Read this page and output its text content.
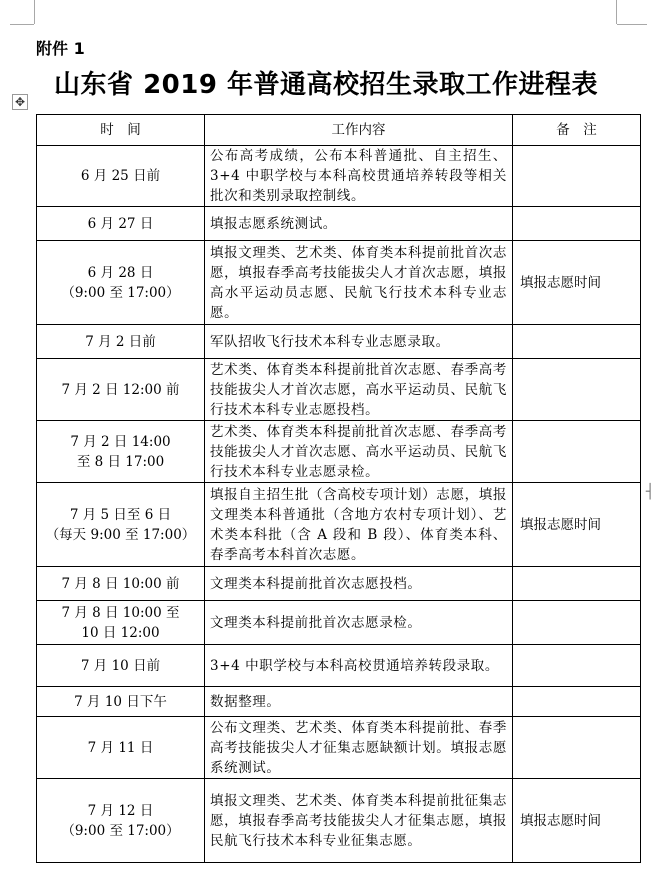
附件 1
山东省 2019 年普通高校招生录取工作进程表
✥
时　间	工作内容	备　注
6 月 25 日前	公布高考成绩，公布本科普通批、自主招生、3+4 中职学校与本科高校贯通培养转段等相关批次和类别录取控制线。	
6 月 27 日	填报志愿系统测试。	
6 月 28 日
（9:00 至 17:00）	填报文理类、艺术类、体育类本科提前批首次志愿，填报春季高考技能拔尖人才首次志愿，填报高水平运动员志愿、民航飞行技术本科专业志愿。	填报志愿时间
7 月 2 日前	军队招收飞行技术本科专业志愿录取。	
7 月 2 日 12:00 前	艺术类、体育类本科提前批首次志愿、春季高考技能拔尖人才首次志愿，高水平运动员、民航飞行技术本科专业志愿投档。	
7 月 2 日 14:00
至 8 日 17:00	艺术类、体育类本科提前批首次志愿、春季高考技能拔尖人才首次志愿、高水平运动员、民航飞行技术本科专业志愿录检。	
7 月 5 日至 6 日
（每天 9:00 至 17:00）	填报自主招生批（含高校专项计划）志愿，填报文理类本科普通批（含地方农村专项计划）、艺术类本科批（含 A 段和 B 段）、体育类本科、春季高考本科首次志愿。	填报志愿时间
7 月 8 日 10:00 前	文理类本科提前批首次志愿投档。	
7 月 8 日 10:00 至
10 日 12:00	文理类本科提前批首次志愿录检。	
7 月 10 日前	3+4 中职学校与本科高校贯通培养转段录取。	
7 月 10 日下午	数据整理。	
7 月 11 日	公布文理类、艺术类、体育类本科提前批、春季高考技能拔尖人才征集志愿缺额计划。填报志愿系统测试。	
7 月 12 日
（9:00 至 17:00）	填报文理类、艺术类、体育类本科提前批征集志愿，填报春季高考技能拔尖人才征集志愿，填报民航飞行技术本科专业征集志愿。	填报志愿时间
┤
